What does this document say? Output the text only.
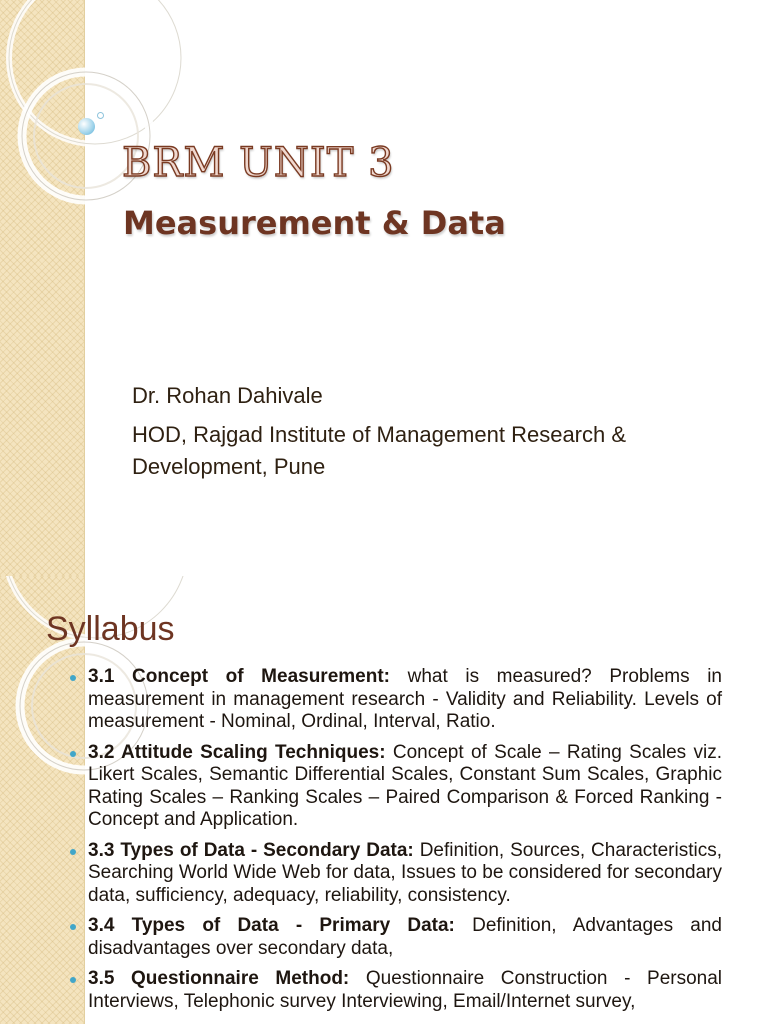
BRM UNIT 3
Measurement & Data

Dr. Rohan Dahivale

HOD, Rajgad Institute of Management Research & Development, Pune

Syllabus
3.1 Concept of Measurement: what is measured? Problems in measurement in management research - Validity and Reliability. Levels of measurement - Nominal, Ordinal, Interval, Ratio.
3.2 Attitude Scaling Techniques: Concept of Scale – Rating Scales viz. Likert Scales, Semantic Differential Scales, Constant Sum Scales, Graphic Rating Scales – Ranking Scales – Paired Comparison & Forced Ranking - Concept and Application.
3.3 Types of Data - Secondary Data: Definition, Sources, Characteristics, Searching World Wide Web for data, Issues to be considered for secondary data, sufficiency, adequacy, reliability, consistency.
3.4 Types of Data - Primary Data: Definition, Advantages and disadvantages over secondary data,
3.5 Questionnaire Method: Questionnaire Construction - Personal Interviews, Telephonic survey Interviewing, Email/Internet survey,
